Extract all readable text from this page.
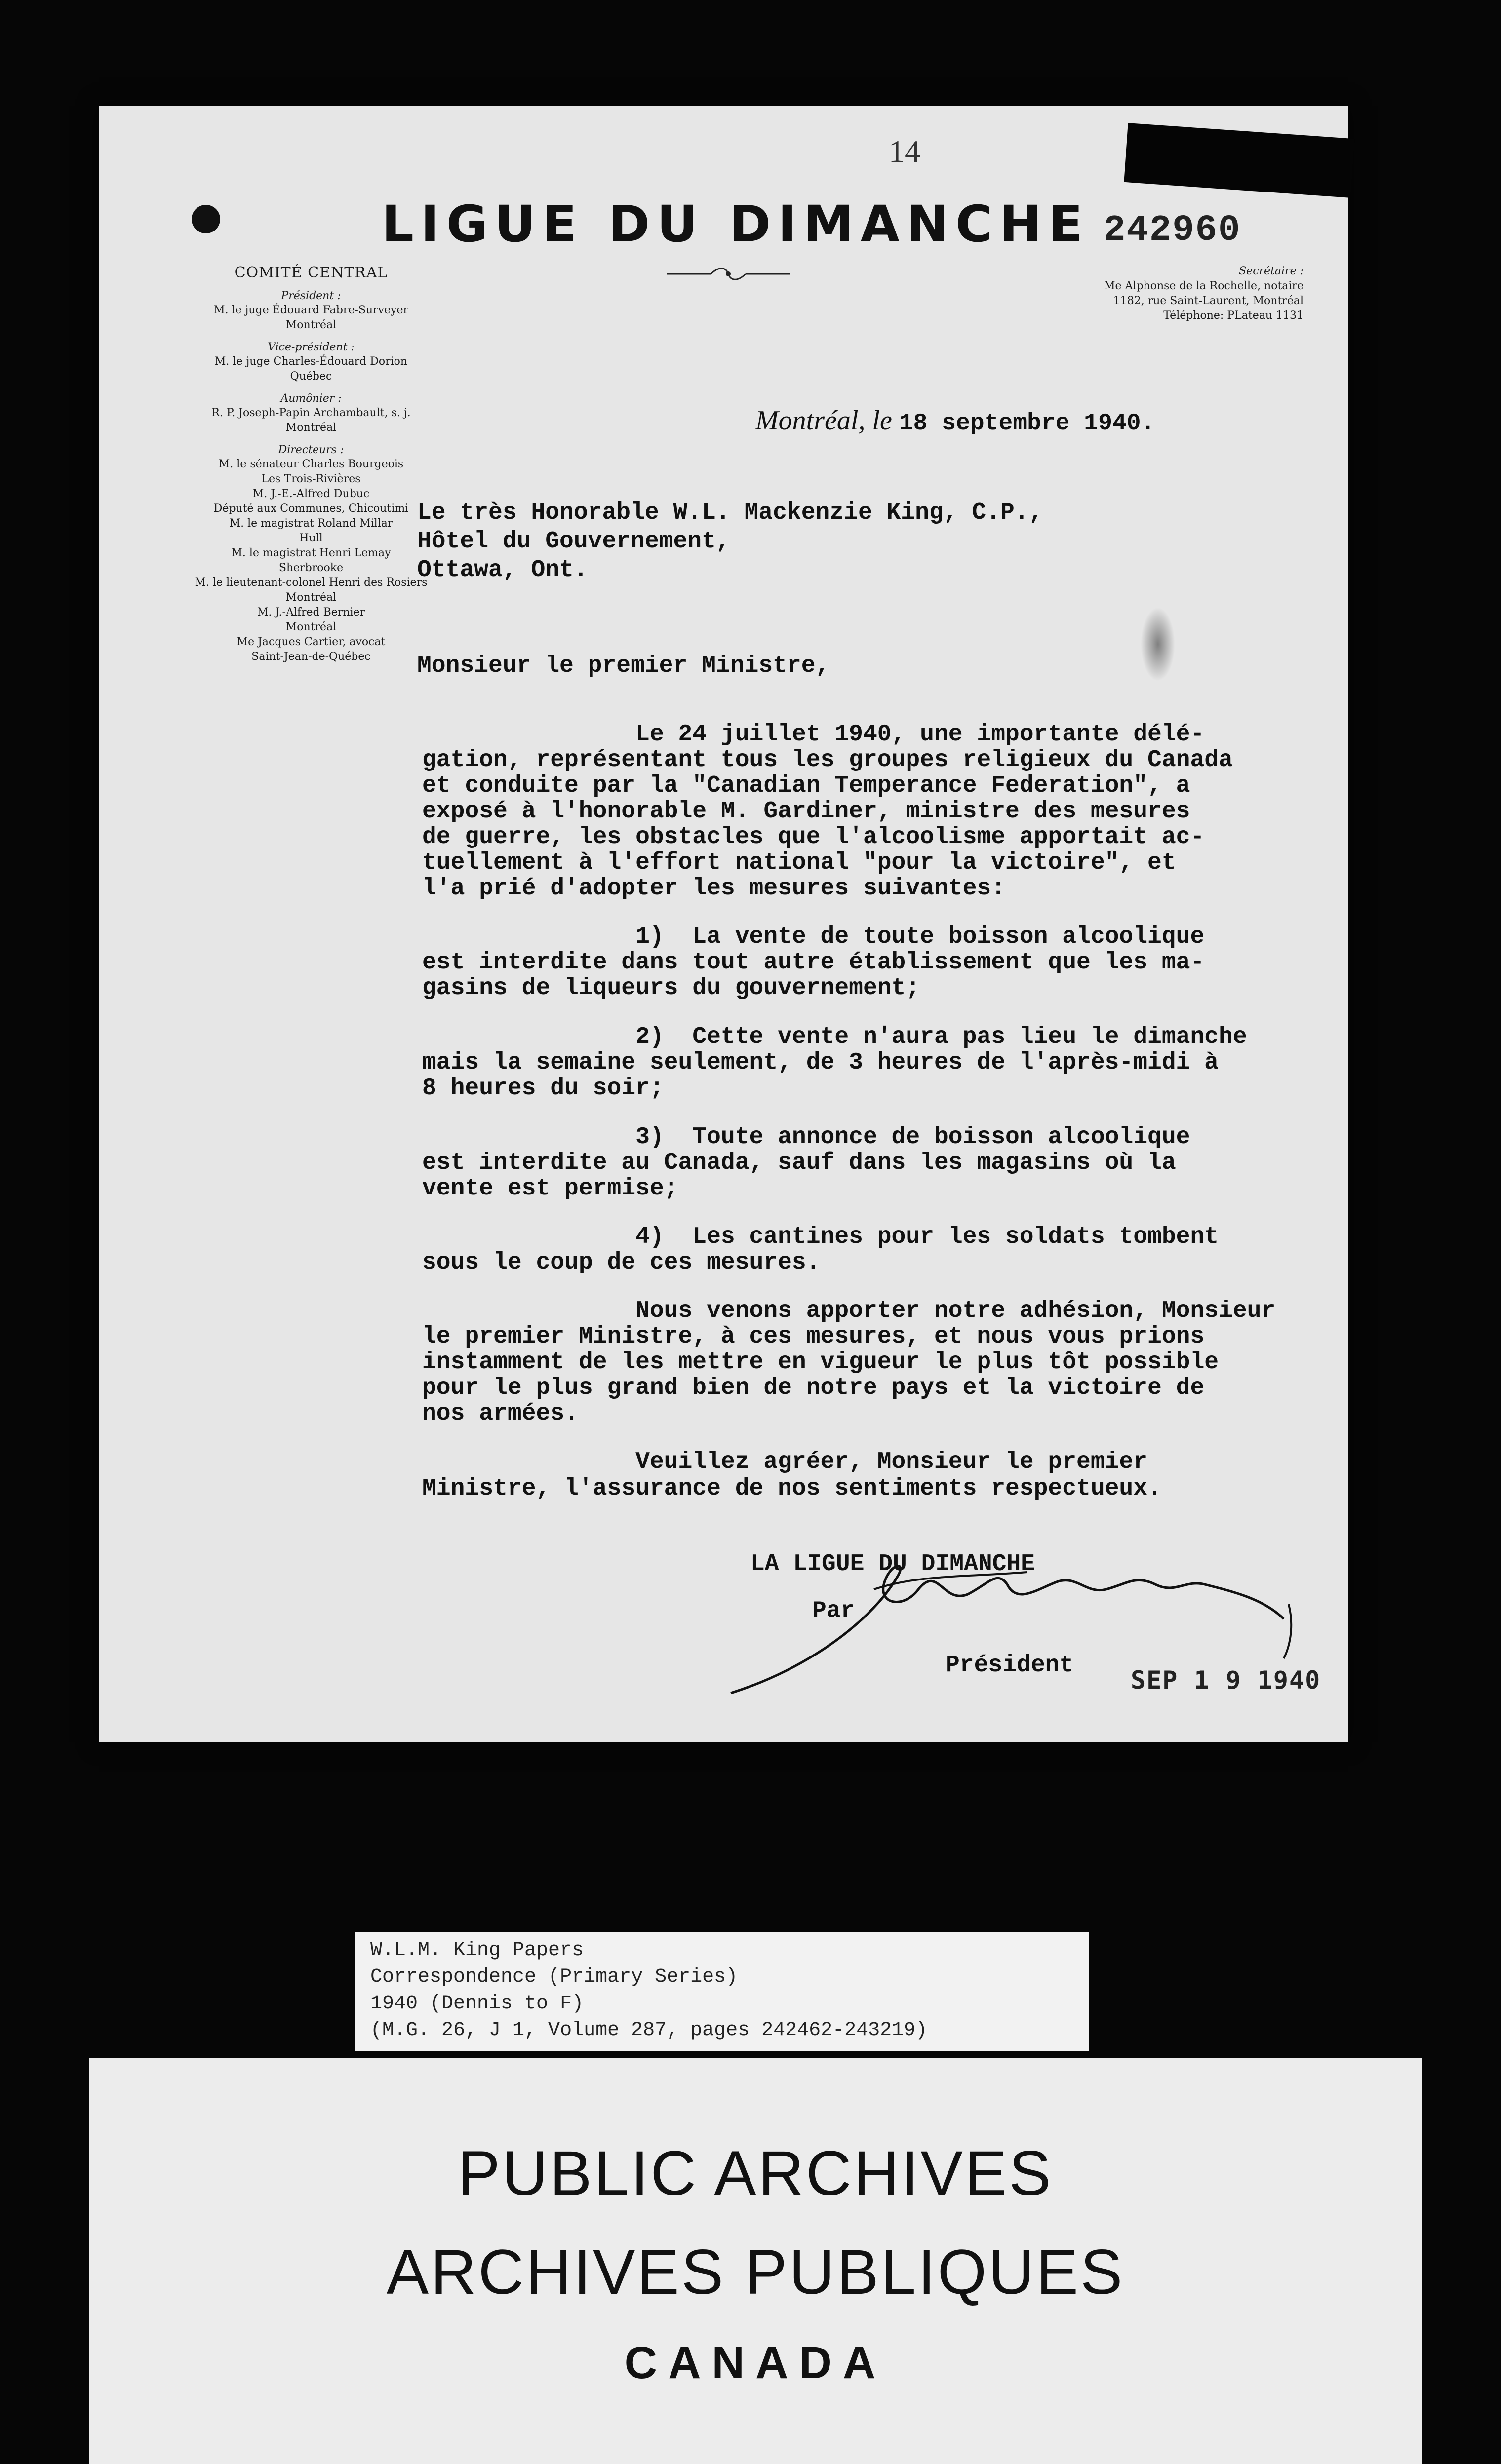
14
LIGUE DU DIMANCHE 242960
COMITÉ CENTRAL
Président :
M. le juge Édouard Fabre-Surveyer
Montréal
Vice-président :
M. le juge Charles-Édouard Dorion
Québec
Aumônier :
R. P. Joseph-Papin Archambault, s. j.
Montréal
Directeurs :
M. le sénateur Charles Bourgeois
Les Trois-Rivières
M. J.-E.-Alfred Dubuc
Député aux Communes, Chicoutimi
M. le magistrat Roland Millar
Hull
M. le magistrat Henri Lemay
Sherbrooke
M. le lieutenant-colonel Henri des Rosiers
Montréal
M. J.-Alfred Bernier
Montréal
Me Jacques Cartier, avocat
Saint-Jean-de-Québec
Secrétaire :
Me Alphonse de la Rochelle, notaire
1182, rue Saint-Laurent, Montréal
Téléphone: PLateau 1131
Montréal, le 18 septembre 1940.
Le très Honorable W.L. Mackenzie King, C.P.,
Hôtel du Gouvernement,
Ottawa, Ont.
Monsieur le premier Ministre,
Le 24 juillet 1940, une importante délé-
gation, représentant tous les groupes religieux du Canada
et conduite par la "Canadian Temperance Federation", a
exposé à l'honorable M. Gardiner, ministre des mesures
de guerre, les obstacles que l'alcoolisme apportait ac-
tuellement à l'effort national "pour la victoire", et
l'a prié d'adopter les mesures suivantes:
1)  La vente de toute boisson alcoolique
est interdite dans tout autre établissement que les ma-
gasins de liqueurs du gouvernement;
2)  Cette vente n'aura pas lieu le dimanche
mais la semaine seulement, de 3 heures de l'après-midi à
8 heures du soir;
3)  Toute annonce de boisson alcoolique
est interdite au Canada, sauf dans les magasins où la
vente est permise;
4)  Les cantines pour les soldats tombent
sous le coup de ces mesures.
Nous venons apporter notre adhésion, Monsieur
le premier Ministre, à ces mesures, et nous vous prions
instamment de les mettre en vigueur le plus tôt possible
pour le plus grand bien de notre pays et la victoire de
nos armées.
Veuillez agréer, Monsieur le premier
Ministre, l'assurance de nos sentiments respectueux.
LA LIGUE DU DIMANCHE
Par
Président
SEP 1 9 1940
W.L.M. King Papers
Correspondence (Primary Series)
1940 (Dennis to F)
(M.G. 26, J 1, Volume 287, pages 242462-243219)
PUBLIC ARCHIVES
ARCHIVES PUBLIQUES
CANADA
